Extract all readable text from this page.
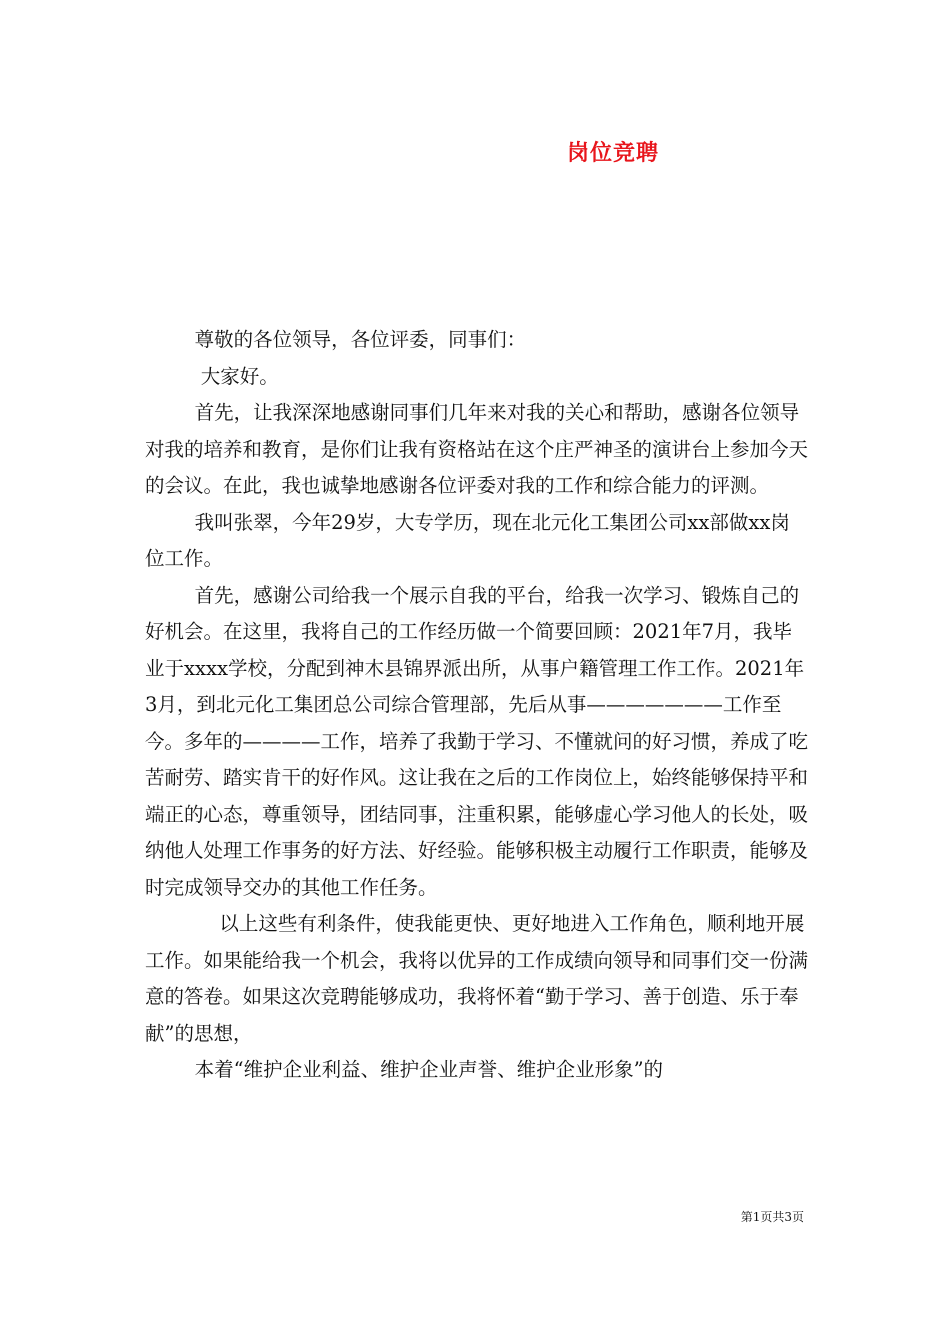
岗位竞聘

尊敬的各位领导，各位评委，同事们：

大家好。

首先，让我深深地感谢同事们几年来对我的关心和帮助，感谢各位领导对我的培养和教育，是你们让我有资格站在这个庄严神圣的演讲台上参加今天的会议。在此，我也诚挚地感谢各位评委对我的工作和综合能力的评测。

我叫张翠，今年29岁，大专学历，现在北元化工集团公司xx部做xx岗位工作。

首先，感谢公司给我一个展示自我的平台，给我一次学习、锻炼自己的好机会。在这里，我将自己的工作经历做一个简要回顾：2021年7月，我毕业于xxxx学校，分配到神木县锦界派出所，从事户籍管理工作工作。2021年3月，到北元化工集团总公司综合管理部，先后从事———————工作至今。多年的————工作，培养了我勤于学习、不懂就问的好习惯，养成了吃苦耐劳、踏实肯干的好作风。这让我在之后的工作岗位上，始终能够保持平和端正的心态，尊重领导，团结同事，注重积累，能够虚心学习他人的长处，吸纳他人处理工作事务的好方法、好经验。能够积极主动履行工作职责，能够及时完成领导交办的其他工作任务。

以上这些有利条件，使我能更快、更好地进入工作角色，顺利地开展工作。如果能给我一个机会，我将以优异的工作成绩向领导和同事们交一份满意的答卷。如果这次竞聘能够成功，我将怀着“勤于学习、善于创造、乐于奉献”的思想，

本着“维护企业利益、维护企业声誉、维护企业形象”的

第1页共3页
